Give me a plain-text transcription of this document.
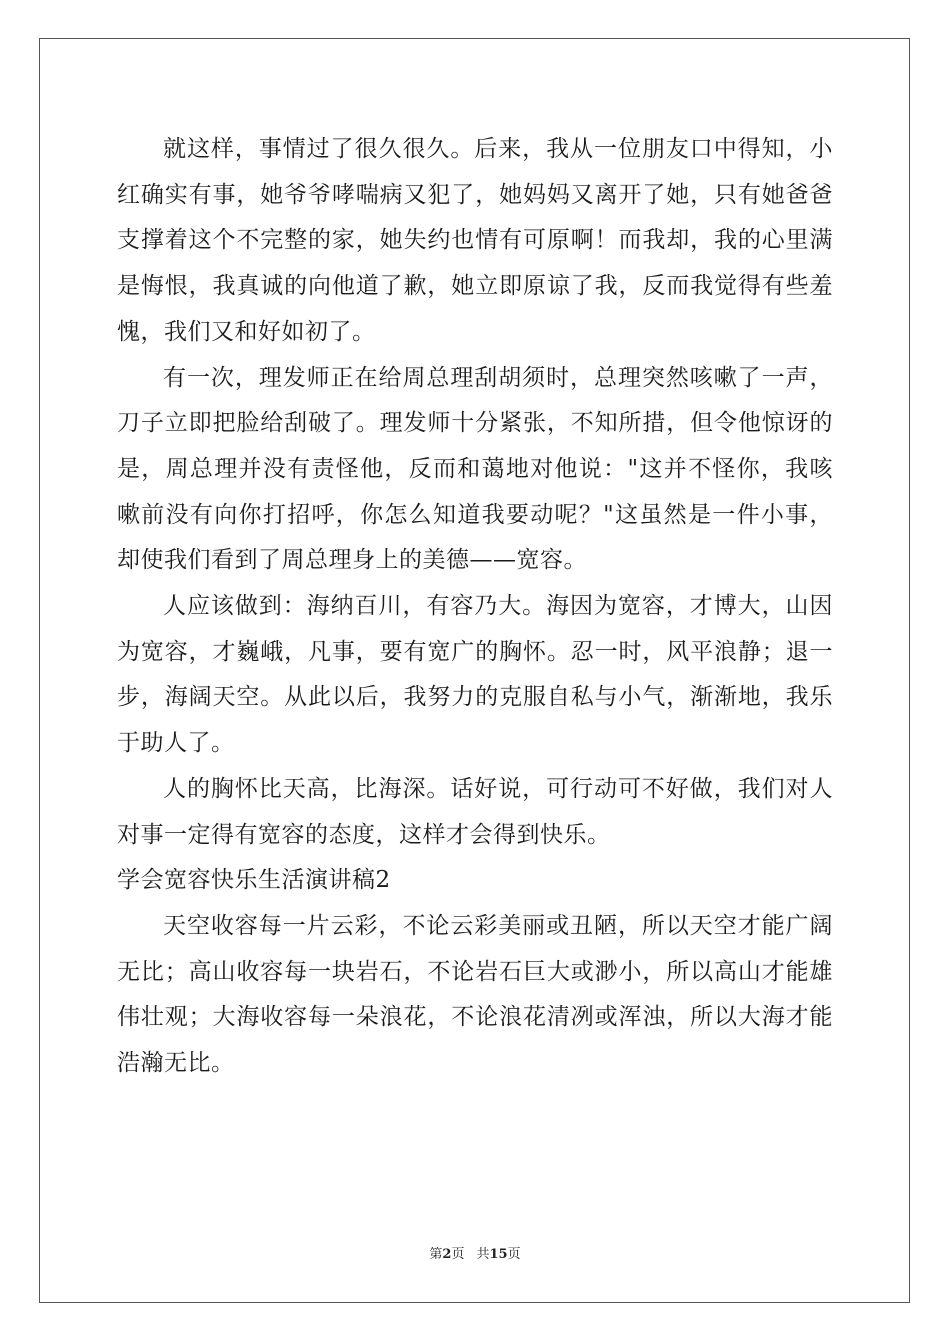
就这样，事情过了很久很久。后来，我从一位朋友口中得知，小红确实有事，她爷爷哮喘病又犯了，她妈妈又离开了她，只有她爸爸支撑着这个不完整的家，她失约也情有可原啊！而我却，我的心里满是悔恨，我真诚的向他道了歉，她立即原谅了我，反而我觉得有些羞愧，我们又和好如初了。

有一次，理发师正在给周总理刮胡须时，总理突然咳嗽了一声，刀子立即把脸给刮破了。理发师十分紧张，不知所措，但令他惊讶的是，周总理并没有责怪他，反而和蔼地对他说："这并不怪你，我咳嗽前没有向你打招呼，你怎么知道我要动呢？"这虽然是一件小事，却使我们看到了周总理身上的美德——宽容。

人应该做到：海纳百川，有容乃大。海因为宽容，才博大，山因为宽容，才巍峨，凡事，要有宽广的胸怀。忍一时，风平浪静；退一步，海阔天空。从此以后，我努力的克服自私与小气，渐渐地，我乐于助人了。

人的胸怀比天高，比海深。话好说，可行动可不好做，我们对人对事一定得有宽容的态度，这样才会得到快乐。

学会宽容快乐生活演讲稿2

天空收容每一片云彩，不论云彩美丽或丑陋，所以天空才能广阔无比；高山收容每一块岩石，不论岩石巨大或渺小，所以高山才能雄伟壮观；大海收容每一朵浪花，不论浪花清冽或浑浊，所以大海才能浩瀚无比。

第2页 共15页
